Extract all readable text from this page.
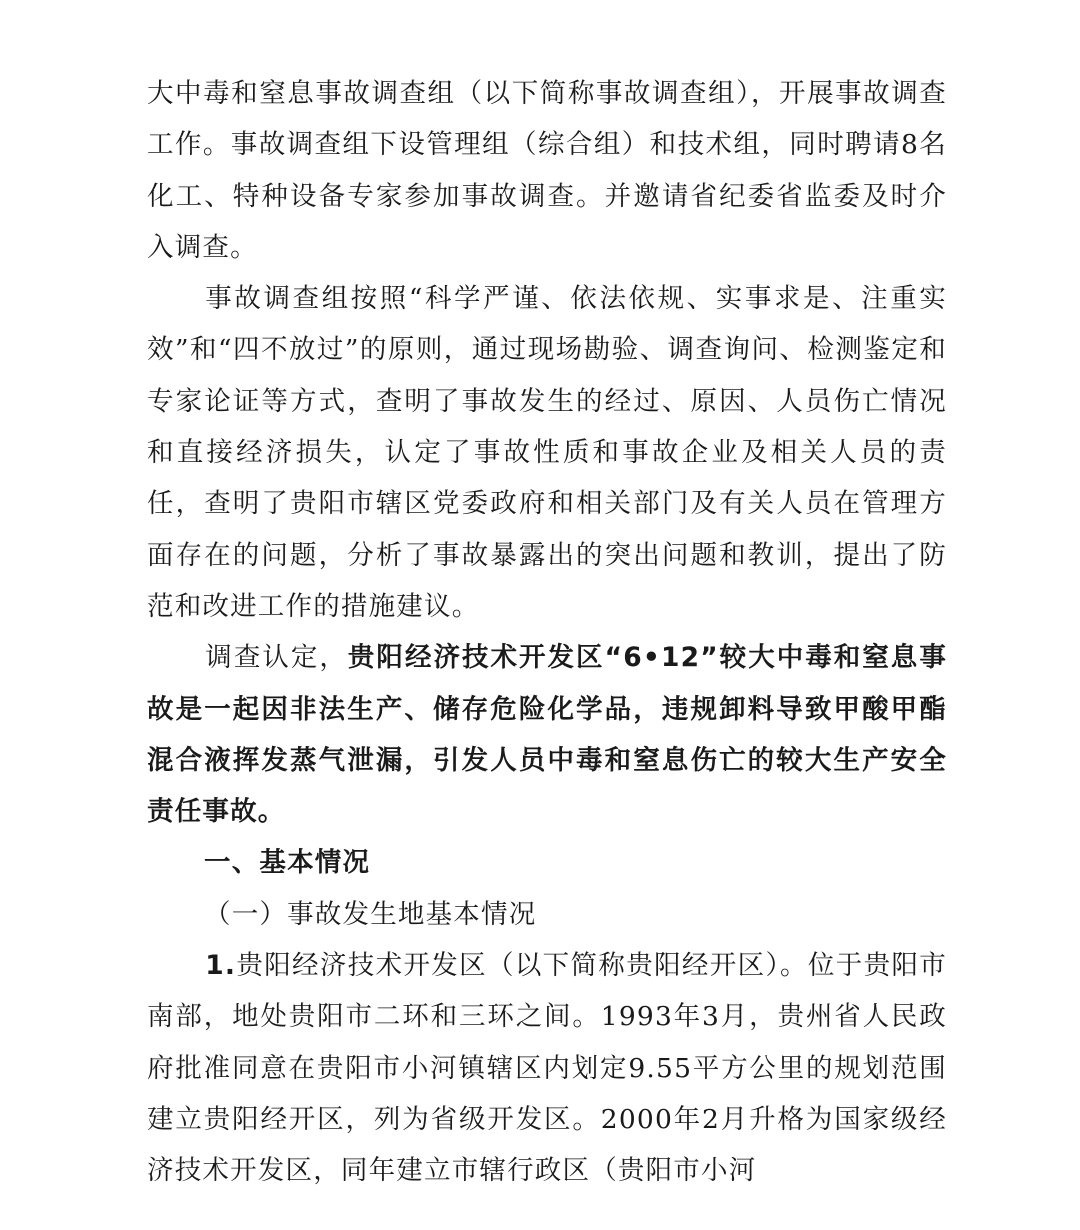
大中毒和窒息事故调查组（以下简称事故调查组），开展事故调查工作。事故调查组下设管理组（综合组）和技术组，同时聘请8名化工、特种设备专家参加事故调查。并邀请省纪委省监委及时介入调查。

事故调查组按照“科学严谨、依法依规、实事求是、注重实效”和“四不放过”的原则，通过现场勘验、调查询问、检测鉴定和专家论证等方式，查明了事故发生的经过、原因、人员伤亡情况和直接经济损失，认定了事故性质和事故企业及相关人员的责任，查明了贵阳市辖区党委政府和相关部门及有关人员在管理方面存在的问题，分析了事故暴露出的突出问题和教训，提出了防范和改进工作的措施建议。

调查认定，贵阳经济技术开发区“6•12”较大中毒和窒息事故是一起因非法生产、储存危险化学品，违规卸料导致甲酸甲酯混合液挥发蒸气泄漏，引发人员中毒和窒息伤亡的较大生产安全责任事故。

一、基本情况
（一）事故发生地基本情况

1.贵阳经济技术开发区（以下简称贵阳经开区）。位于贵阳市南部，地处贵阳市二环和三环之间。1993年3月，贵州省人民政府批准同意在贵阳市小河镇辖区内划定9.55平方公里的规划范围建立贵阳经开区，列为省级开发区。2000年2月升格为国家级经济技术开发区，同年建立市辖行政区（贵阳市小河
